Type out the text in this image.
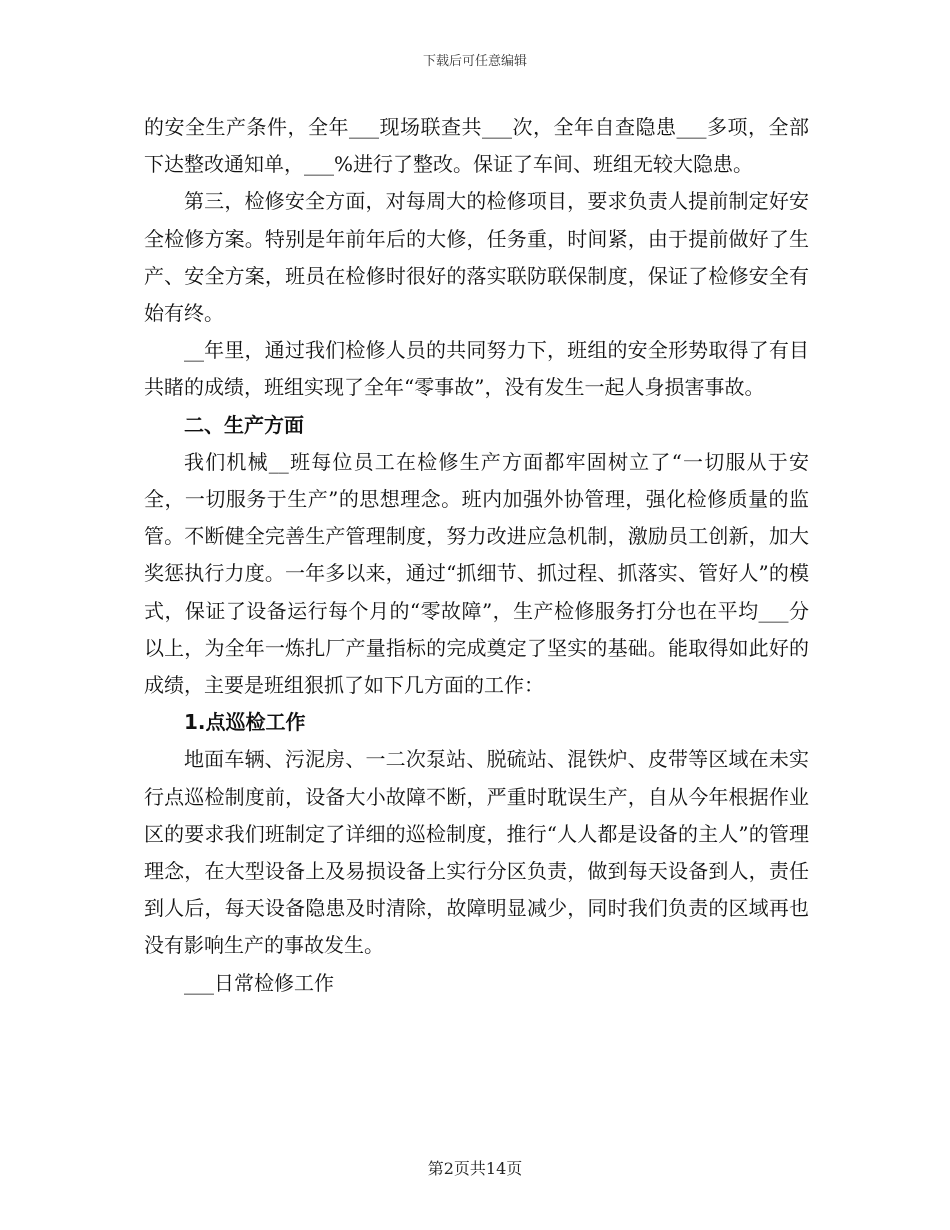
下载后可任意编辑

的安全生产条件，全年___现场联查共___次，全年自查隐患___多项，全部下达整改通知单，___%进行了整改。保证了车间、班组无较大隐患。

第三，检修安全方面，对每周大的检修项目，要求负责人提前制定好安全检修方案。特别是年前年后的大修，任务重，时间紧，由于提前做好了生产、安全方案，班员在检修时很好的落实联防联保制度，保证了检修安全有始有终。

__年里，通过我们检修人员的共同努力下，班组的安全形势取得了有目共睹的成绩，班组实现了全年“零事故”，没有发生一起人身损害事故。

二、生产方面

我们机械__班每位员工在检修生产方面都牢固树立了“一切服从于安全，一切服务于生产”的思想理念。班内加强外协管理，强化检修质量的监管。不断健全完善生产管理制度，努力改进应急机制，激励员工创新，加大奖惩执行力度。一年多以来，通过“抓细节、抓过程、抓落实、管好人”的模式，保证了设备运行每个月的“零故障”，生产检修服务打分也在平均___分以上，为全年一炼扎厂产量指标的完成奠定了坚实的基础。能取得如此好的成绩，主要是班组狠抓了如下几方面的工作：

1.点巡检工作

地面车辆、污泥房、一二次泵站、脱硫站、混铁炉、皮带等区域在未实行点巡检制度前，设备大小故障不断，严重时耽误生产，自从今年根据作业区的要求我们班制定了详细的巡检制度，推行“人人都是设备的主人”的管理理念，在大型设备上及易损设备上实行分区负责，做到每天设备到人，责任到人后，每天设备隐患及时清除，故障明显减少，同时我们负责的区域再也没有影响生产的事故发生。

___日常检修工作

第2页共14页
